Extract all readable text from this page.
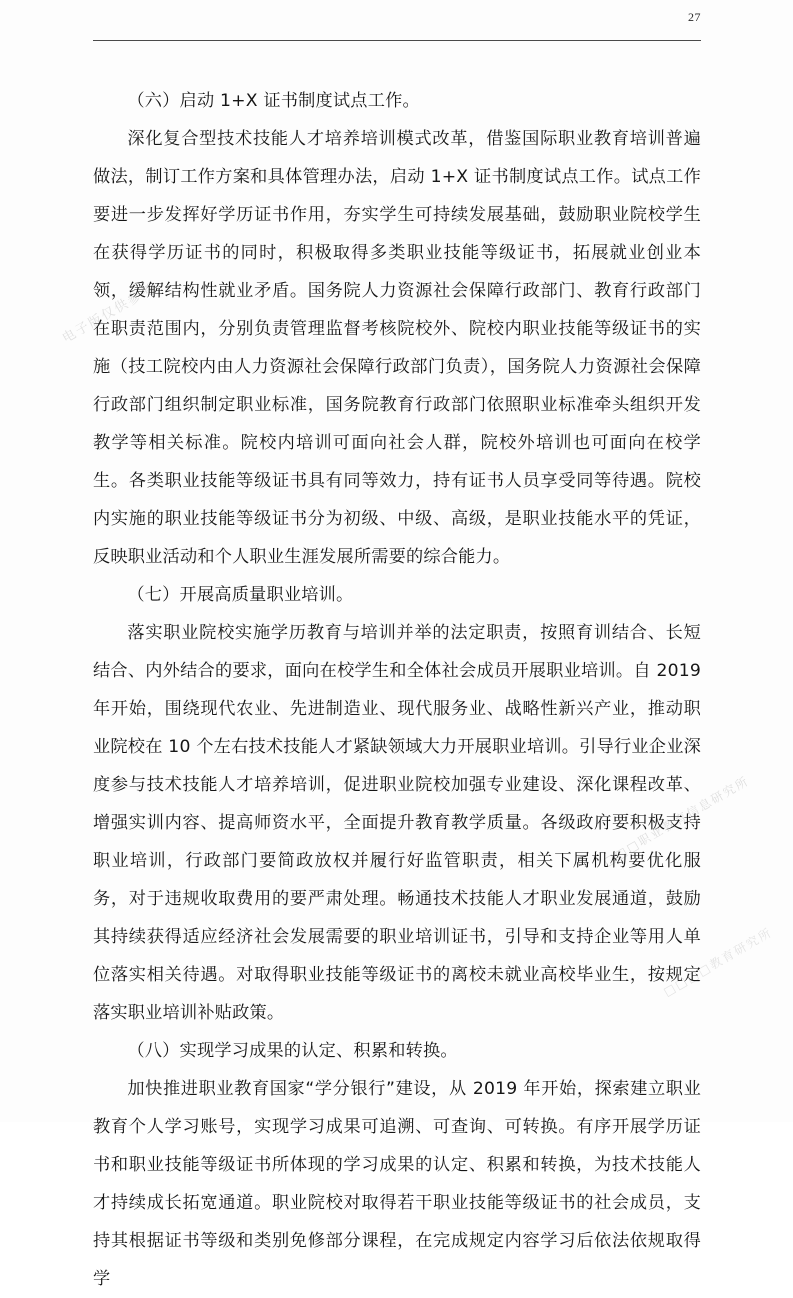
27
电子版仅供参考
□□□职业教育信息研究所
□□□□教育研究所

（六）启动 1+X 证书制度试点工作。

深化复合型技术技能人才培养培训模式改革，借鉴国际职业教育培训普遍做法，制订工作方案和具体管理办法，启动 1+X 证书制度试点工作。试点工作要进一步发挥好学历证书作用，夯实学生可持续发展基础，鼓励职业院校学生在获得学历证书的同时，积极取得多类职业技能等级证书，拓展就业创业本领，缓解结构性就业矛盾。国务院人力资源社会保障行政部门、教育行政部门在职责范围内，分别负责管理监督考核院校外、院校内职业技能等级证书的实施（技工院校内由人力资源社会保障行政部门负责），国务院人力资源社会保障行政部门组织制定职业标准，国务院教育行政部门依照职业标准牵头组织开发教学等相关标准。院校内培训可面向社会人群，院校外培训也可面向在校学生。各类职业技能等级证书具有同等效力，持有证书人员享受同等待遇。院校内实施的职业技能等级证书分为初级、中级、高级，是职业技能水平的凭证，反映职业活动和个人职业生涯发展所需要的综合能力。

（七）开展高质量职业培训。

落实职业院校实施学历教育与培训并举的法定职责，按照育训结合、长短结合、内外结合的要求，面向在校学生和全体社会成员开展职业培训。自 2019 年开始，围绕现代农业、先进制造业、现代服务业、战略性新兴产业，推动职业院校在 10 个左右技术技能人才紧缺领域大力开展职业培训。引导行业企业深度参与技术技能人才培养培训，促进职业院校加强专业建设、深化课程改革、增强实训内容、提高师资水平，全面提升教育教学质量。各级政府要积极支持职业培训，行政部门要简政放权并履行好监管职责，相关下属机构要优化服务，对于违规收取费用的要严肃处理。畅通技术技能人才职业发展通道，鼓励其持续获得适应经济社会发展需要的职业培训证书，引导和支持企业等用人单位落实相关待遇。对取得职业技能等级证书的离校未就业高校毕业生，按规定落实职业培训补贴政策。

（八）实现学习成果的认定、积累和转换。

加快推进职业教育国家“学分银行”建设，从 2019 年开始，探索建立职业教育个人学习账号，实现学习成果可追溯、可查询、可转换。有序开展学历证书和职业技能等级证书所体现的学习成果的认定、积累和转换，为技术技能人才持续成长拓宽通道。职业院校对取得若干职业技能等级证书的社会成员，支持其根据证书等级和类别免修部分课程，在完成规定内容学习后依法依规取得学
